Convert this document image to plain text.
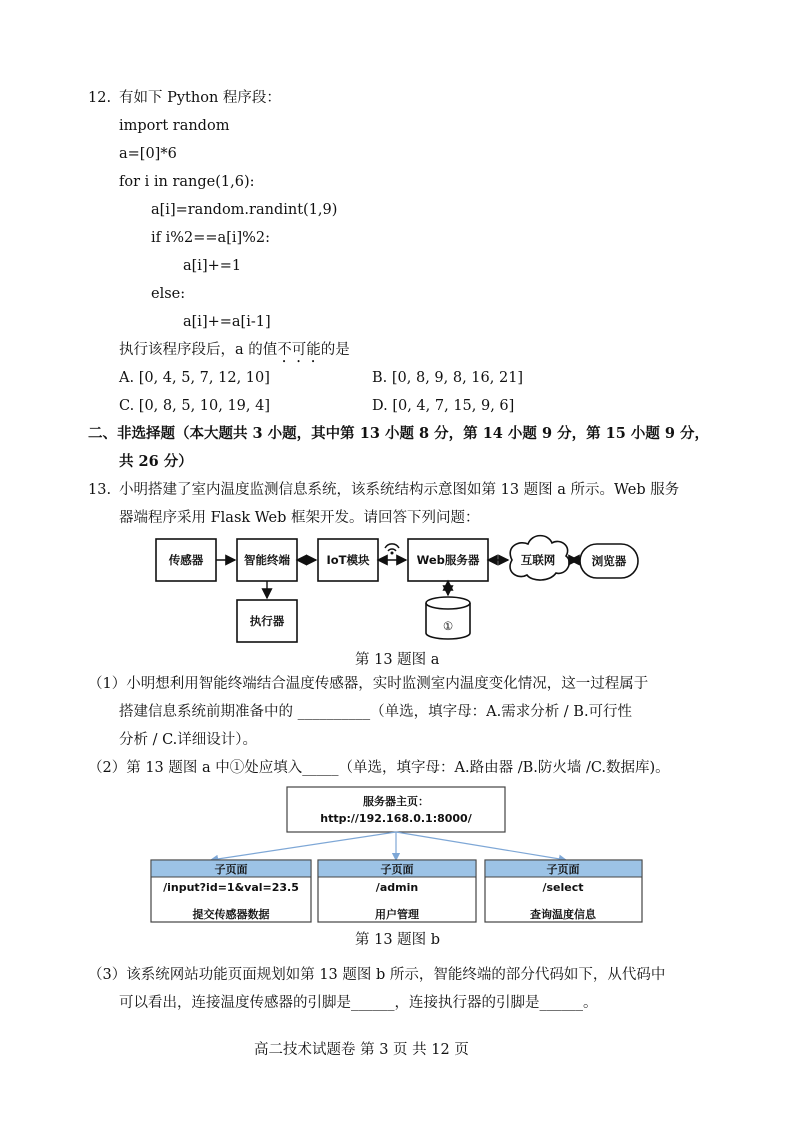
12. 有如下 Python 程序段：
import random
a=[0]*6
for i in range(1,6):
a[i]=random.randint(1,9)
if i%2==a[i]%2:
a[i]+=1
else:
a[i]+=a[i-1]
执行该程序段后，a 的值不可能的是
A. [0, 4, 5, 7, 12, 10]	B. [0, 8, 9, 8, 16, 21]
C. [0, 8, 5, 10, 19, 4]	D. [0, 4, 7, 15, 9, 6]
二、非选择题（本大题共 3 小题，其中第 13 小题 8 分，第 14 小题 9 分，第 15 小题 9 分，
共 26 分）
13. 小明搭建了室内温度监测信息系统，该系统结构示意图如第 13 题图 a 所示。Web 服务
器端程序采用 Flask Web 框架开发。请回答下列问题：
传感器	智能终端	IoT模块	Web服务器	互联网	浏览器
执行器	①
第 13 题图 a
（1）小明想利用智能终端结合温度传感器，实时监测室内温度变化情况，这一过程属于
搭建信息系统前期准备中的 __________（单选，填字母：A.需求分析 / B.可行性
分析 / C.详细设计）。
（2）第 13 题图 a 中①处应填入_____（单选，填字母：A.路由器 /B.防火墙 /C.数据库)。
服务器主页：
http://192.168.0.1:8000/
子页面
/input?id=1&val=23.5
提交传感器数据
子页面
/admin
用户管理
子页面
/select
查询温度信息
第 13 题图 b
（3）该系统网站功能页面规划如第 13 题图 b 所示，智能终端的部分代码如下，从代码中
可以看出，连接温度传感器的引脚是______，连接执行器的引脚是______。
高二技术试题卷 第 3 页 共 12 页
